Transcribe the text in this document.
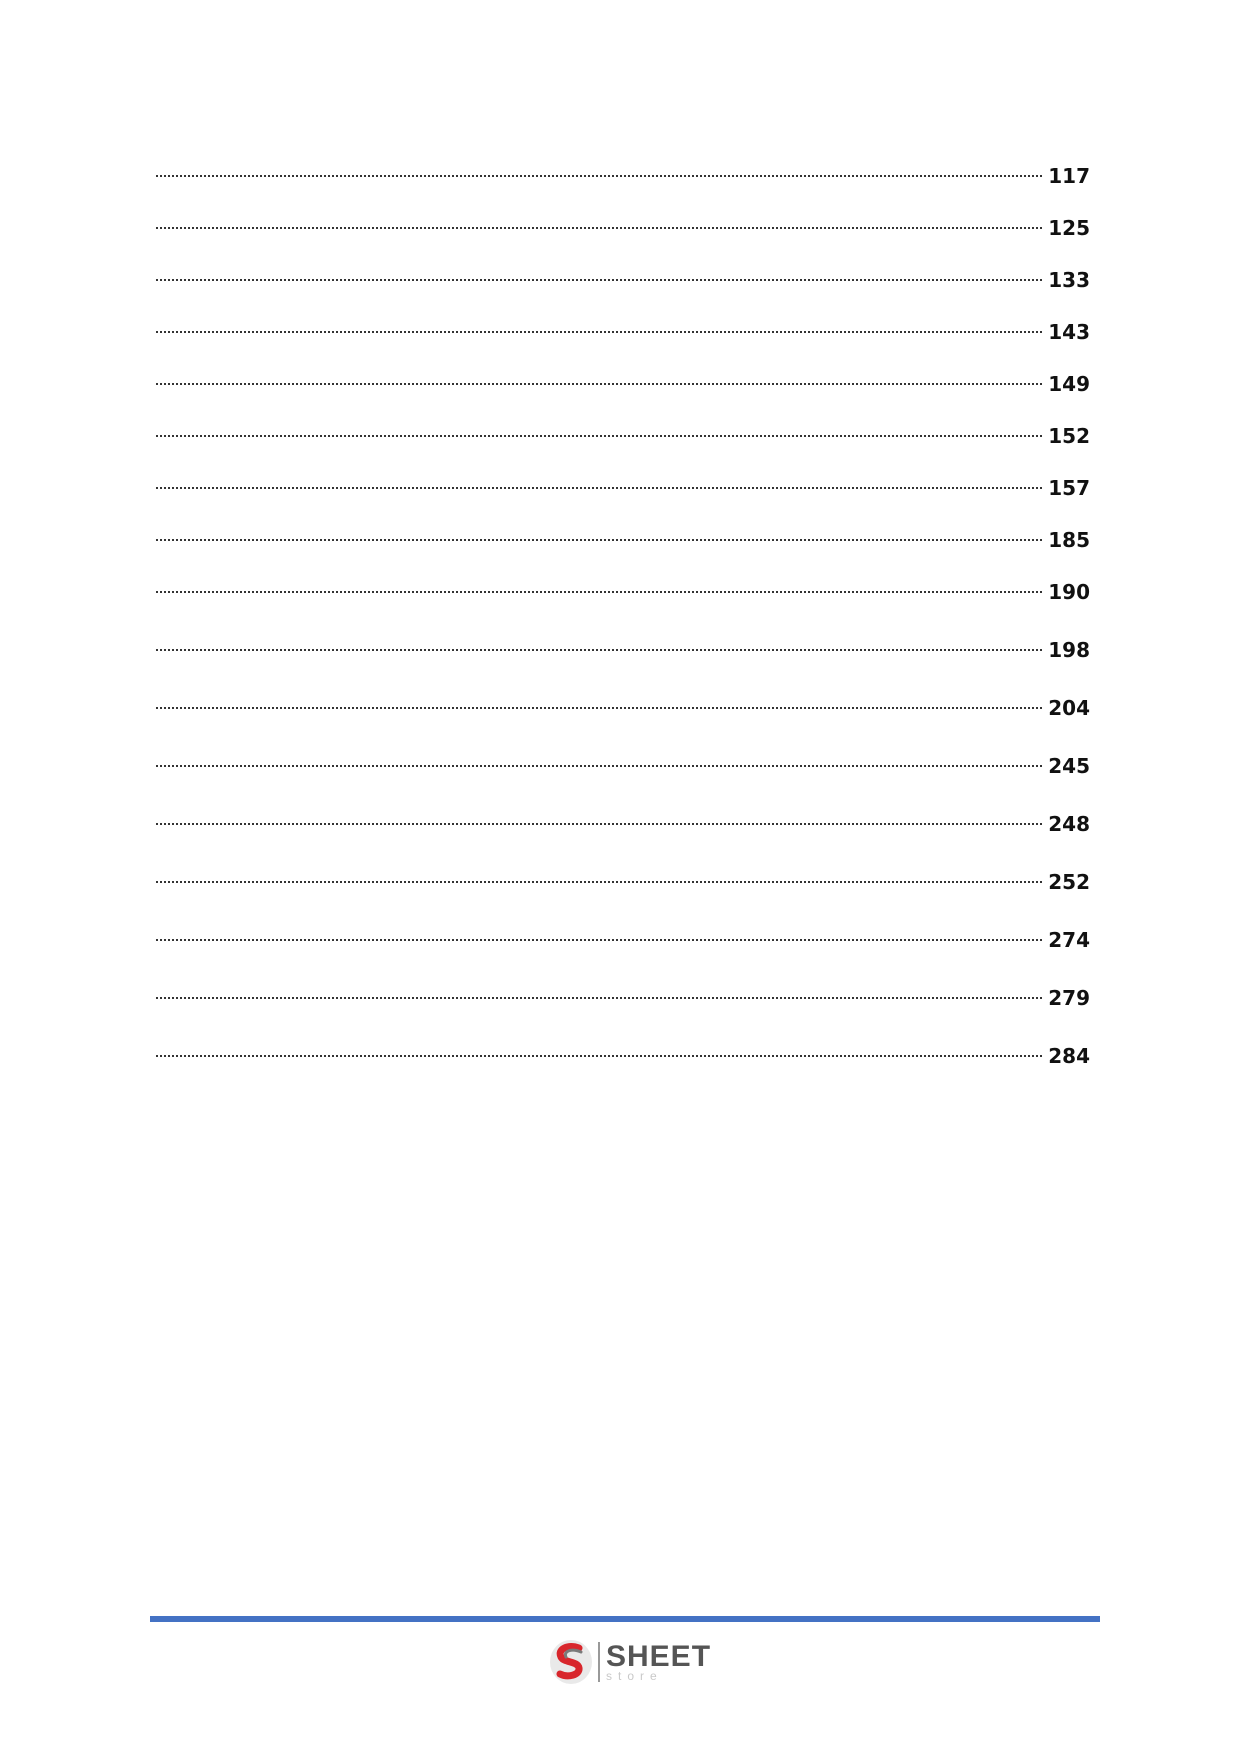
117
125
133
143
149
152
157
185
190
198
204
245
248
252
274
279
284
SHEET
store
